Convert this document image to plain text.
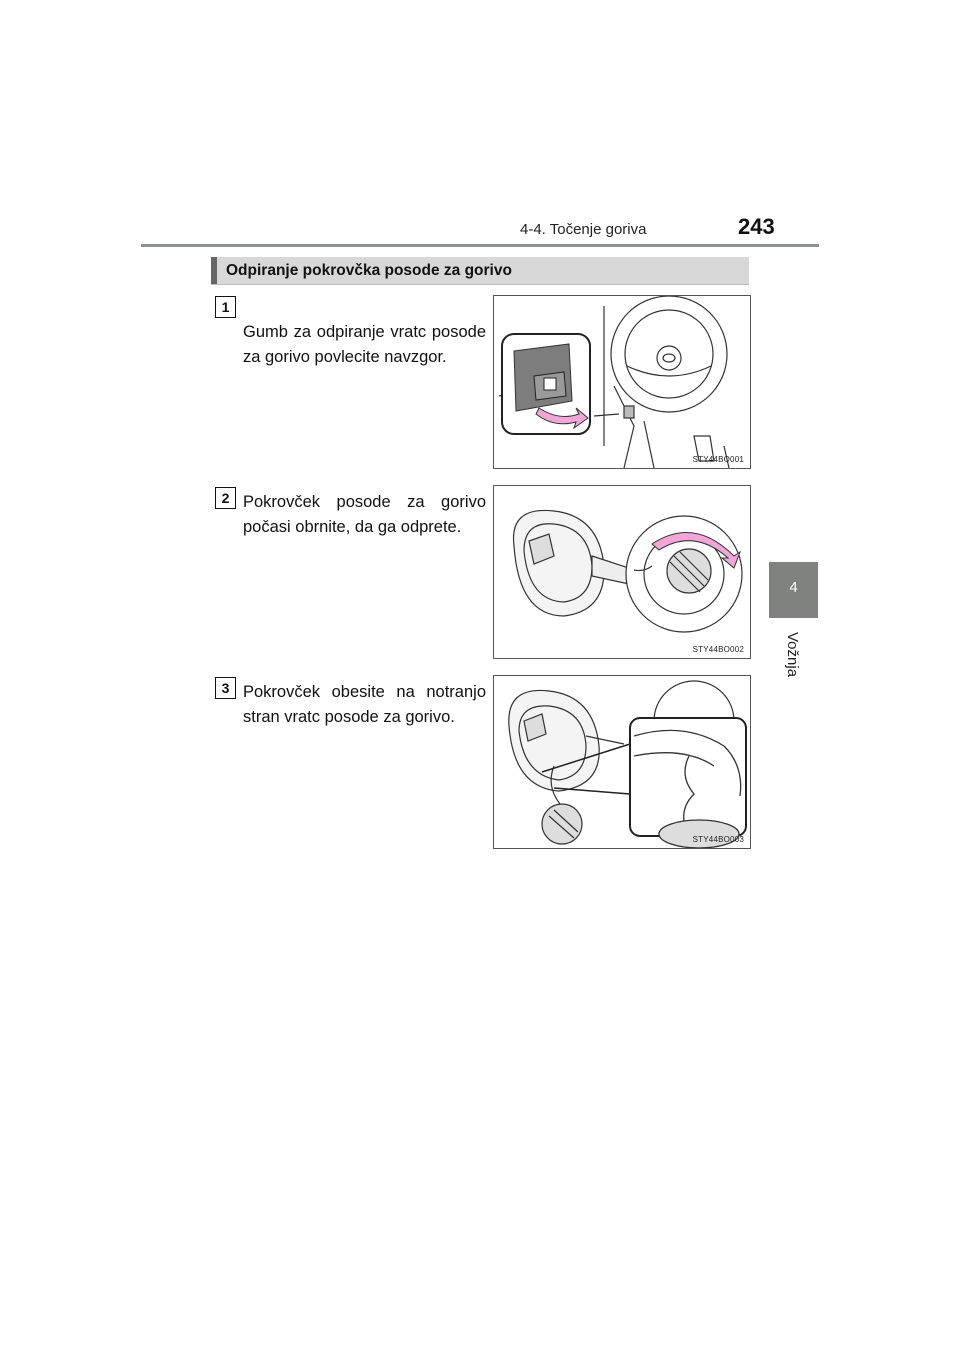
4-4. Točenje goriva	243
4
Vožnja
Odpiranje pokrovčka posode za gorivo
1
Gumb za odpiranje vratc posode za gorivo povlecite navzgor.
STY44BO001
2 Pokrovček posode za gorivo počasi obrnite, da ga odprete.
STY44BO002
3 Pokrovček obesite na notranjo stran vratc posode za gorivo.
STY44BO003
